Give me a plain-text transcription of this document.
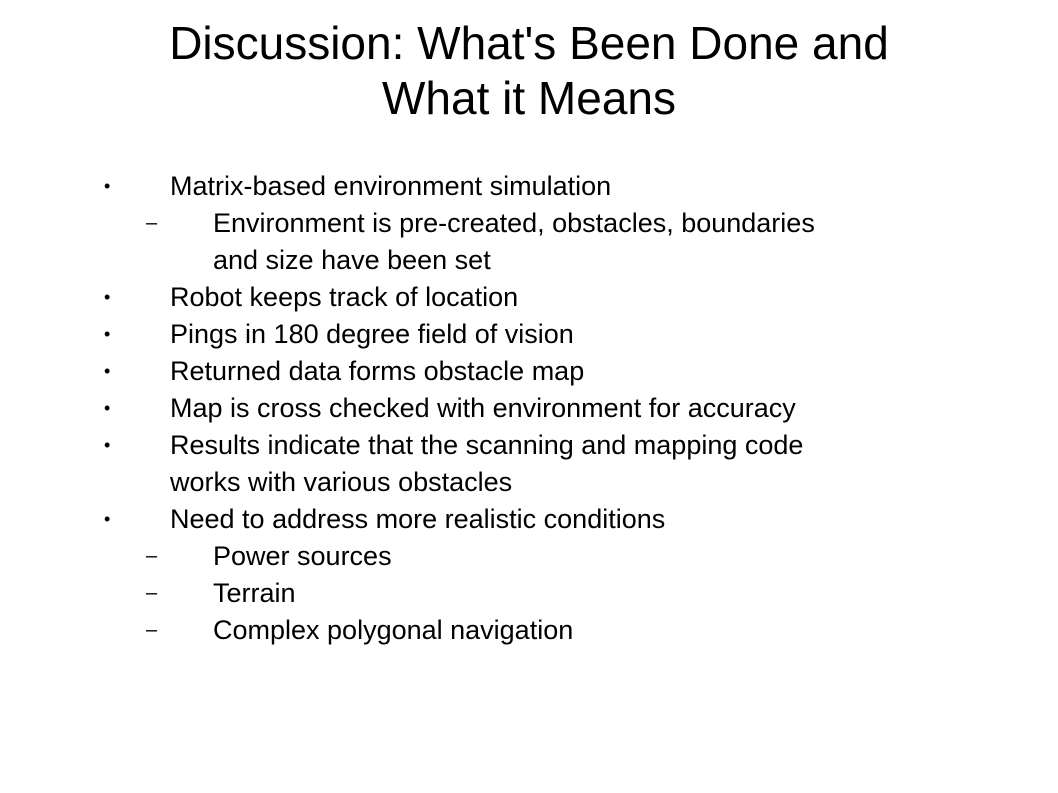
Discussion: What's Been Done and
What it Means
• Matrix-based environment simulation
– Environment is pre-created, obstacles, boundaries
and size have been set
• Robot keeps track of location
• Pings in 180 degree field of vision
• Returned data forms obstacle map
• Map is cross checked with environment for accuracy
• Results indicate that the scanning and mapping code
works with various obstacles
• Need to address more realistic conditions
– Power sources
– Terrain
– Complex polygonal navigation
